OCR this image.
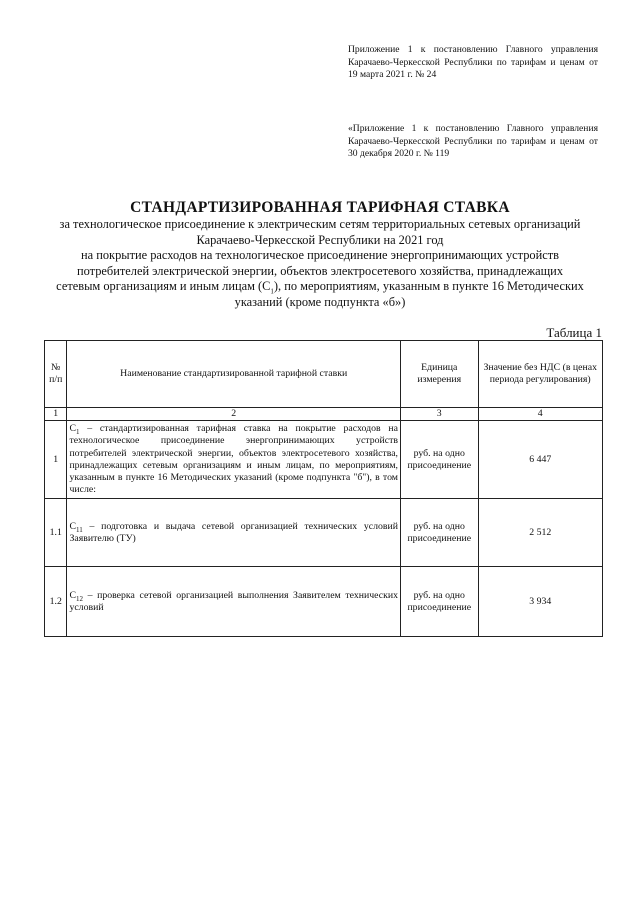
Приложение 1 к постановлению Главного управления Карачаево-Черкесской Республики по тарифам и ценам от 19 марта 2021 г. № 24
«Приложение 1 к постановлению Главного управления Карачаево-Черкесской Республики по тарифам и ценам от 30 декабря 2020 г. № 119
СТАНДАРТИЗИРОВАННАЯ ТАРИФНАЯ СТАВКА
за технологическое присоединение к электрическим сетям территориальных сетевых организаций
Карачаево-Черкесской Республики на 2021 год
на покрытие расходов на технологическое присоединение энергопринимающих устройств
потребителей электрической энергии, объектов электросетевого хозяйства, принадлежащих
сетевым организациям и иным лицам $(С_1)$, по мероприятиям, указанным в пункте 16 Методических
указаний (кроме подпункта «б»)
Таблица 1
№ п/п	Наименование стандартизированной тарифной ставки	Единица измерения	Значение без НДС (в ценах периода регулирования)
1	2	3	4
1	$С_1$ – стандартизированная тарифная ставка на покрытие расходов на технологическое присоединение энергопринимающих устройств потребителей электрической энергии, объектов электросетевого хозяйства, принадлежащих сетевым организациям и иным лицам, по мероприятиям, указанным в пункте 16 Методических указаний (кроме подпункта "б"), в том числе:	руб. на одно присоединение	6 447
1.1	$С_{11}$ – подготовка и выдача сетевой организацией технических условий Заявителю (ТУ)	руб. на одно присоединение	2 512
1.2	$С_{12}$ – проверка сетевой организацией выполнения Заявителем технических условий	руб. на одно присоединение	3 934
